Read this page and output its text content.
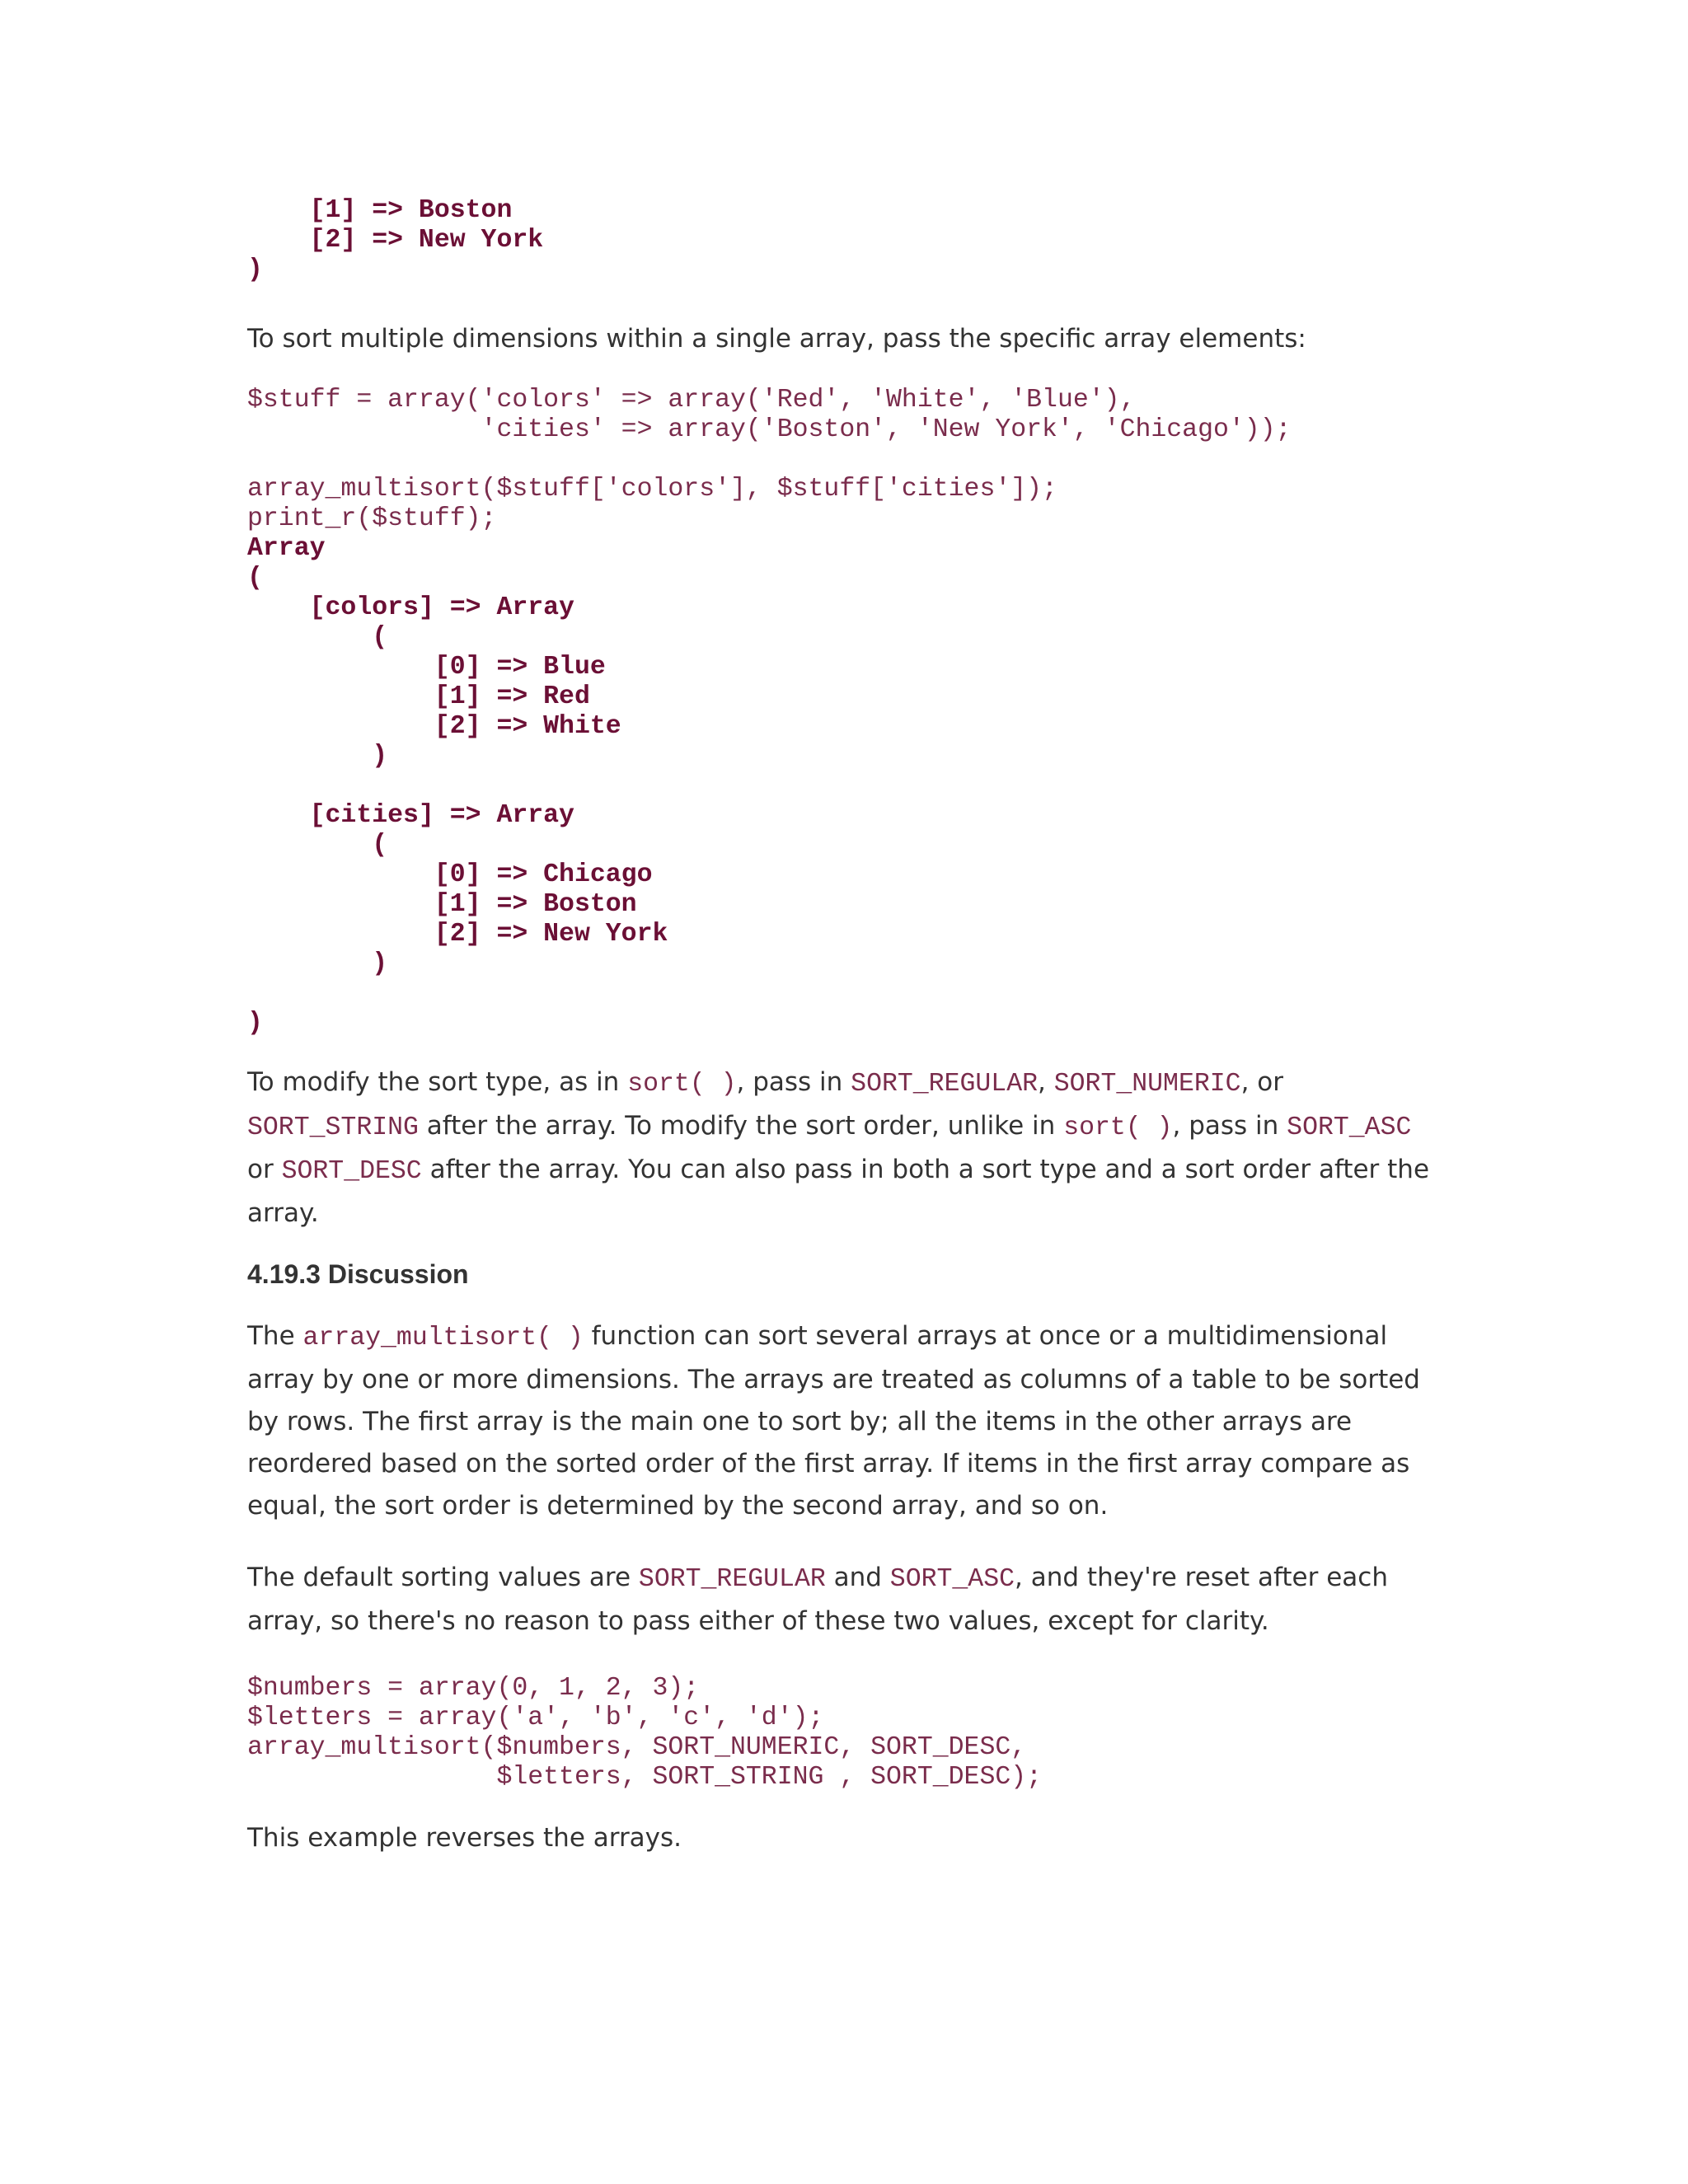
[1] => Boston
[2] => New York
)

To sort multiple dimensions within a single array, pass the specific array elements:

$stuff = array('colors' => array('Red', 'White', 'Blue'),
'cities' => array('Boston', 'New York', 'Chicago'));

array_multisort($stuff['colors'], $stuff['cities']);
print_r($stuff);
Array
(
[colors] => Array
(
[0] => Blue
[1] => Red
[2] => White
)

[cities] => Array
(
[0] => Chicago
[1] => Boston
[2] => New York
)

)

To modify the sort type, as in sort( ), pass in SORT_REGULAR, SORT_NUMERIC, or
SORT_STRING after the array. To modify the sort order, unlike in sort( ), pass in SORT_ASC
or SORT_DESC after the array. You can also pass in both a sort type and a sort order after the array.

4.19.3 Discussion

The array_multisort( ) function can sort several arrays at once or a multidimensional array by one or more dimensions. The arrays are treated as columns of a table to be sorted by rows. The first array is the main one to sort by; all the items in the other arrays are reordered based on the sorted order of the first array. If items in the first array compare as equal, the sort order is determined by the second array, and so on.

The default sorting values are SORT_REGULAR and SORT_ASC, and they're reset after each array, so there's no reason to pass either of these two values, except for clarity.

$numbers = array(0, 1, 2, 3);
$letters = array('a', 'b', 'c', 'd');
array_multisort($numbers, SORT_NUMERIC, SORT_DESC,
$letters, SORT_STRING , SORT_DESC);

This example reverses the arrays.
